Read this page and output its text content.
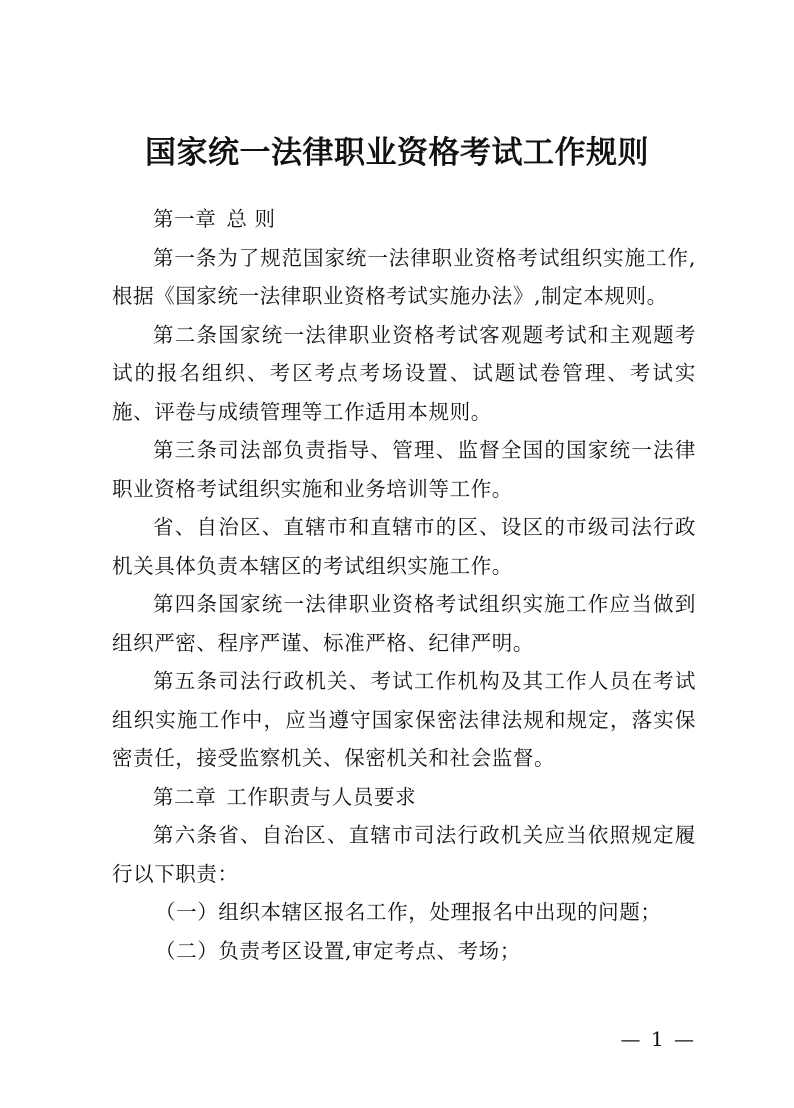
国家统一法律职业资格考试工作规则

第一章 总 则

第一条为了规范国家统一法律职业资格考试组织实施工作,根据《国家统一法律职业资格考试实施办法》,制定本规则。

第二条国家统一法律职业资格考试客观题考试和主观题考试的报名组织、考区考点考场设置、试题试卷管理、考试实施、评卷与成绩管理等工作适用本规则。

第三条司法部负责指导、管理、监督全国的国家统一法律职业资格考试组织实施和业务培训等工作。

省、自治区、直辖市和直辖市的区、设区的市级司法行政机关具体负责本辖区的考试组织实施工作。

第四条国家统一法律职业资格考试组织实施工作应当做到组织严密、程序严谨、标准严格、纪律严明。

第五条司法行政机关、考试工作机构及其工作人员在考试组织实施工作中，应当遵守国家保密法律法规和规定，落实保密责任，接受监察机关、保密机关和社会监督。

第二章 工作职责与人员要求

第六条省、自治区、直辖市司法行政机关应当依照规定履行以下职责：

（一）组织本辖区报名工作，处理报名中出现的问题；

（二）负责考区设置,审定考点、考场；

— 1 —
